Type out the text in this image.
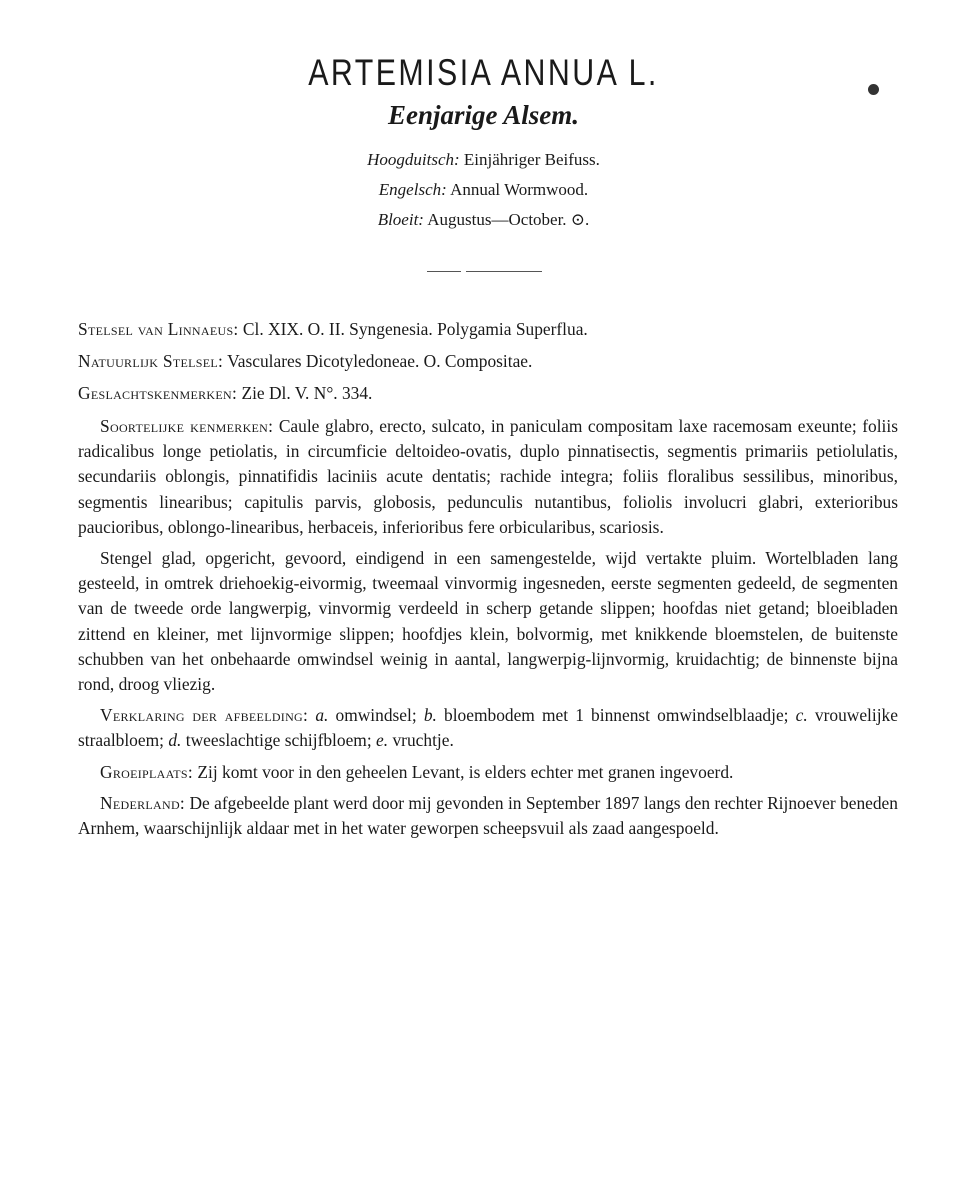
ARTEMISIA ANNUA L.
Eenjarige Alsem.
Hoogduitsch: Einjähriger Beifuss.
Engelsch: Annual Wormwood.
Bloeit: Augustus—October. ⊙.
Stelsel van Linnaeus: Cl. XIX. O. II. Syngenesia. Polygamia Superflua.
Natuurlijk Stelsel: Vasculares Dicotyledoneae. O. Compositae.
Geslachtskenmerken: Zie Dl. V. N°. 334.

Soortelijke kenmerken: Caule glabro, erecto, sulcato, in paniculam compositam laxe racemosam exeunte; foliis radicalibus longe petiolatis, in circumficie deltoideo-ovatis, duplo pinnatisectis, segmentis primariis petiolulatis, secundariis oblongis, pinnatifidis laciniis acute dentatis; rachide integra; foliis floralibus sessilibus, minoribus, segmentis linearibus; capitulis parvis, globosis, pedunculis nutantibus, foliolis involucri glabri, exterioribus paucioribus, oblongo-linearibus, herbaceis, inferioribus fere orbicularibus, scariosis.

Stengel glad, opgericht, gevoord, eindigend in een samengestelde, wijd vertakte pluim. Wortelbladen lang gesteeld, in omtrek driehoekig-eivormig, tweemaal vinvormig ingesneden, eerste segmenten gedeeld, de segmenten van de tweede orde langwerpig, vinvormig verdeeld in scherp getande slippen; hoofdas niet getand; bloeibladen zittend en kleiner, met lijnvormige slippen; hoofdjes klein, bolvormig, met knikkende bloemstelen, de buitenste schubben van het onbehaarde omwindsel weinig in aantal, langwerpig-lijnvormig, kruidachtig; de binnenste bijna rond, droog vliezig.

Verklaring der afbeelding: a. omwindsel; b. bloembodem met 1 binnenst omwindselblaadje; c. vrouwelijke straalbloem; d. tweeslachtige schijfbloem; e. vruchtje.

Groeiplaats: Zij komt voor in den geheelen Levant, is elders echter met granen ingevoerd.

Nederland: De afgebeelde plant werd door mij gevonden in September 1897 langs den rechter Rijnoever beneden Arnhem, waarschijnlijk aldaar met in het water geworpen scheepsvuil als zaad aangespoeld.
